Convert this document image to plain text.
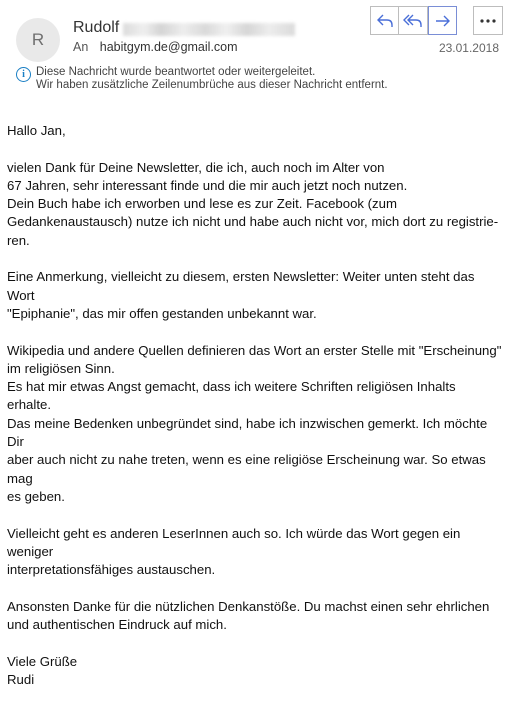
R
Rudolf
An habitgym.de@gmail.com	23.01.2018
i Diese Nachricht wurde beantwortet oder weitergeleitet.
Wir haben zusätzliche Zeilenumbrüche aus dieser Nachricht entfernt.

Hallo Jan,

vielen Dank für Deine Newsletter, die ich, auch noch im Alter von
67 Jahren, sehr interessant finde und die mir auch jetzt noch nutzen.
Dein Buch habe ich erworben und lese es zur Zeit. Facebook (zum
Gedankenaustausch) nutze ich nicht und habe auch nicht vor, mich dort zu registrie-
ren.

Eine Anmerkung, vielleicht zu diesem, ersten Newsletter: Weiter unten steht das Wort
"Epiphanie", das mir offen gestanden unbekannt war.

Wikipedia und andere Quellen definieren das Wort an erster Stelle mit "Erscheinung"
im religiösen Sinn.
Es hat mir etwas Angst gemacht, dass ich weitere Schriften religiösen Inhalts erhalte.
Das meine Bedenken unbegründet sind, habe ich inzwischen gemerkt. Ich möchte Dir
aber auch nicht zu nahe treten, wenn es eine religiöse Erscheinung war. So etwas mag
es geben.

Vielleicht geht es anderen LeserInnen auch so. Ich würde das Wort gegen ein weniger
interpretationsfähiges austauschen.

Ansonsten Danke für die nützlichen Denkanstöße. Du machst einen sehr ehrlichen
und authentischen Eindruck auf mich.

Viele Grüße
Rudi
